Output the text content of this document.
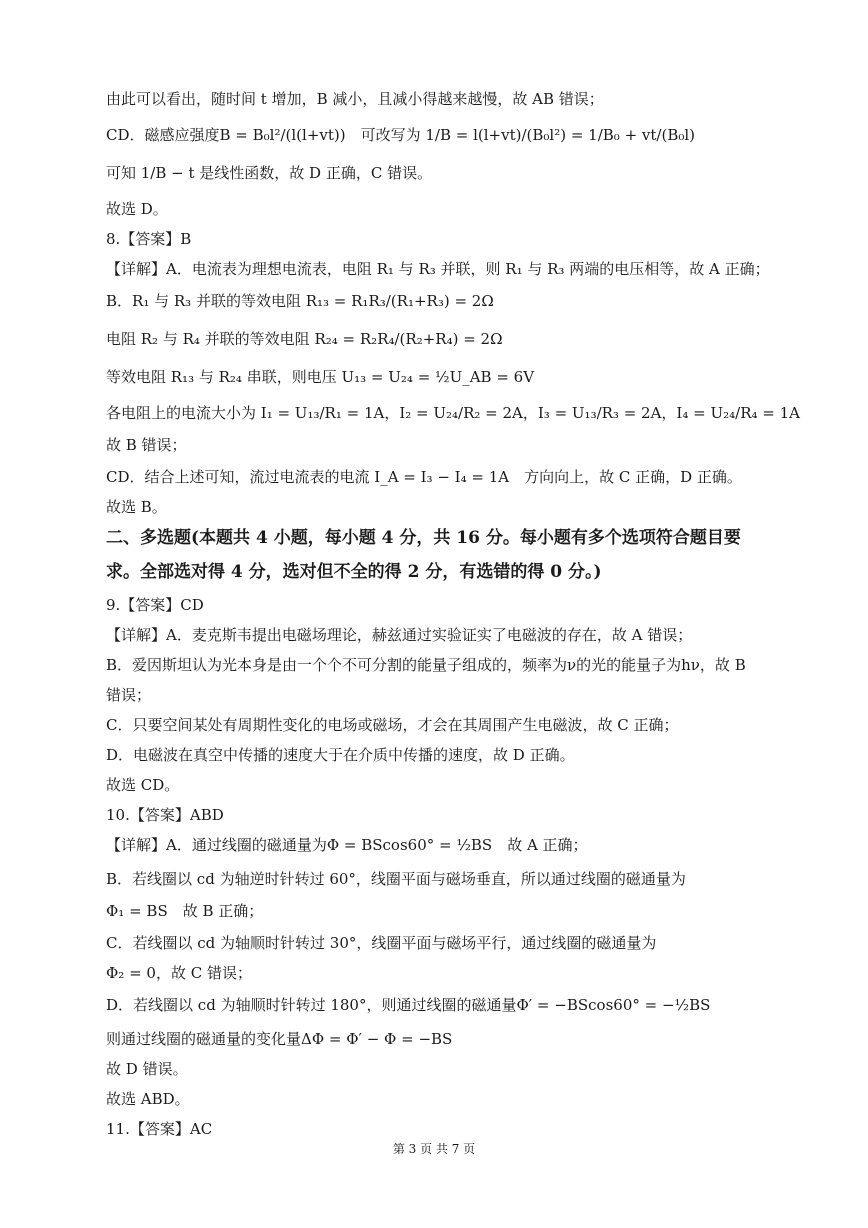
由此可以看出，随时间 t 增加，B 减小，且减小得越来越慢，故 AB 错误；
CD．磁感应强度B = B₀l²/(l(l+vt))　可改写为 1/B = l(l+vt)/(B₀l²) = 1/B₀ + vt/(B₀l)
可知 1/B − t 是线性函数，故 D 正确，C 错误。
故选 D。
8.【答案】B
【详解】A．电流表为理想电流表，电阻 R₁ 与 R₃ 并联，则 R₁ 与 R₃ 两端的电压相等，故 A 正确；
B．R₁ 与 R₃ 并联的等效电阻 R₁₃ = R₁R₃/(R₁+R₃) = 2Ω
电阻 R₂ 与 R₄ 并联的等效电阻 R₂₄ = R₂R₄/(R₂+R₄) = 2Ω
等效电阻 R₁₃ 与 R₂₄ 串联，则电压 U₁₃ = U₂₄ = ½U_AB = 6V
各电阻上的电流大小为 I₁ = U₁₃/R₁ = 1A，I₂ = U₂₄/R₂ = 2A，I₃ = U₁₃/R₃ = 2A，I₄ = U₂₄/R₄ = 1A
故 B 错误；
CD．结合上述可知，流过电流表的电流 I_A = I₃ − I₄ = 1A　方向向上，故 C 正确，D 正确。
故选 B。
二、多选题(本题共 4 小题，每小题 4 分，共 16 分。每小题有多个选项符合题目要
求。全部选对得 4 分，选对但不全的得 2 分，有选错的得 0 分。)
9.【答案】CD
【详解】A．麦克斯韦提出电磁场理论，赫兹通过实验证实了电磁波的存在，故 A 错误；
B．爱因斯坦认为光本身是由一个个不可分割的能量子组成的，频率为ν的光的能量子为hν，故 B
错误；
C．只要空间某处有周期性变化的电场或磁场，才会在其周围产生电磁波，故 C 正确；
D．电磁波在真空中传播的速度大于在介质中传播的速度，故 D 正确。
故选 CD。
10.【答案】ABD
【详解】A．通过线圈的磁通量为Φ = BScos60° = ½BS　故 A 正确；
B．若线圈以 cd 为轴逆时针转过 60°，线圈平面与磁场垂直，所以通过线圈的磁通量为
Φ₁ = BS　故 B 正确；
C．若线圈以 cd 为轴顺时针转过 30°，线圈平面与磁场平行，通过线圈的磁通量为
Φ₂ = 0，故 C 错误；
D．若线圈以 cd 为轴顺时针转过 180°，则通过线圈的磁通量Φ′ = −BScos60° = −½BS
则通过线圈的磁通量的变化量ΔΦ = Φ′ − Φ = −BS
故 D 错误。
故选 ABD。
11.【答案】AC
第 3 页 共 7 页
